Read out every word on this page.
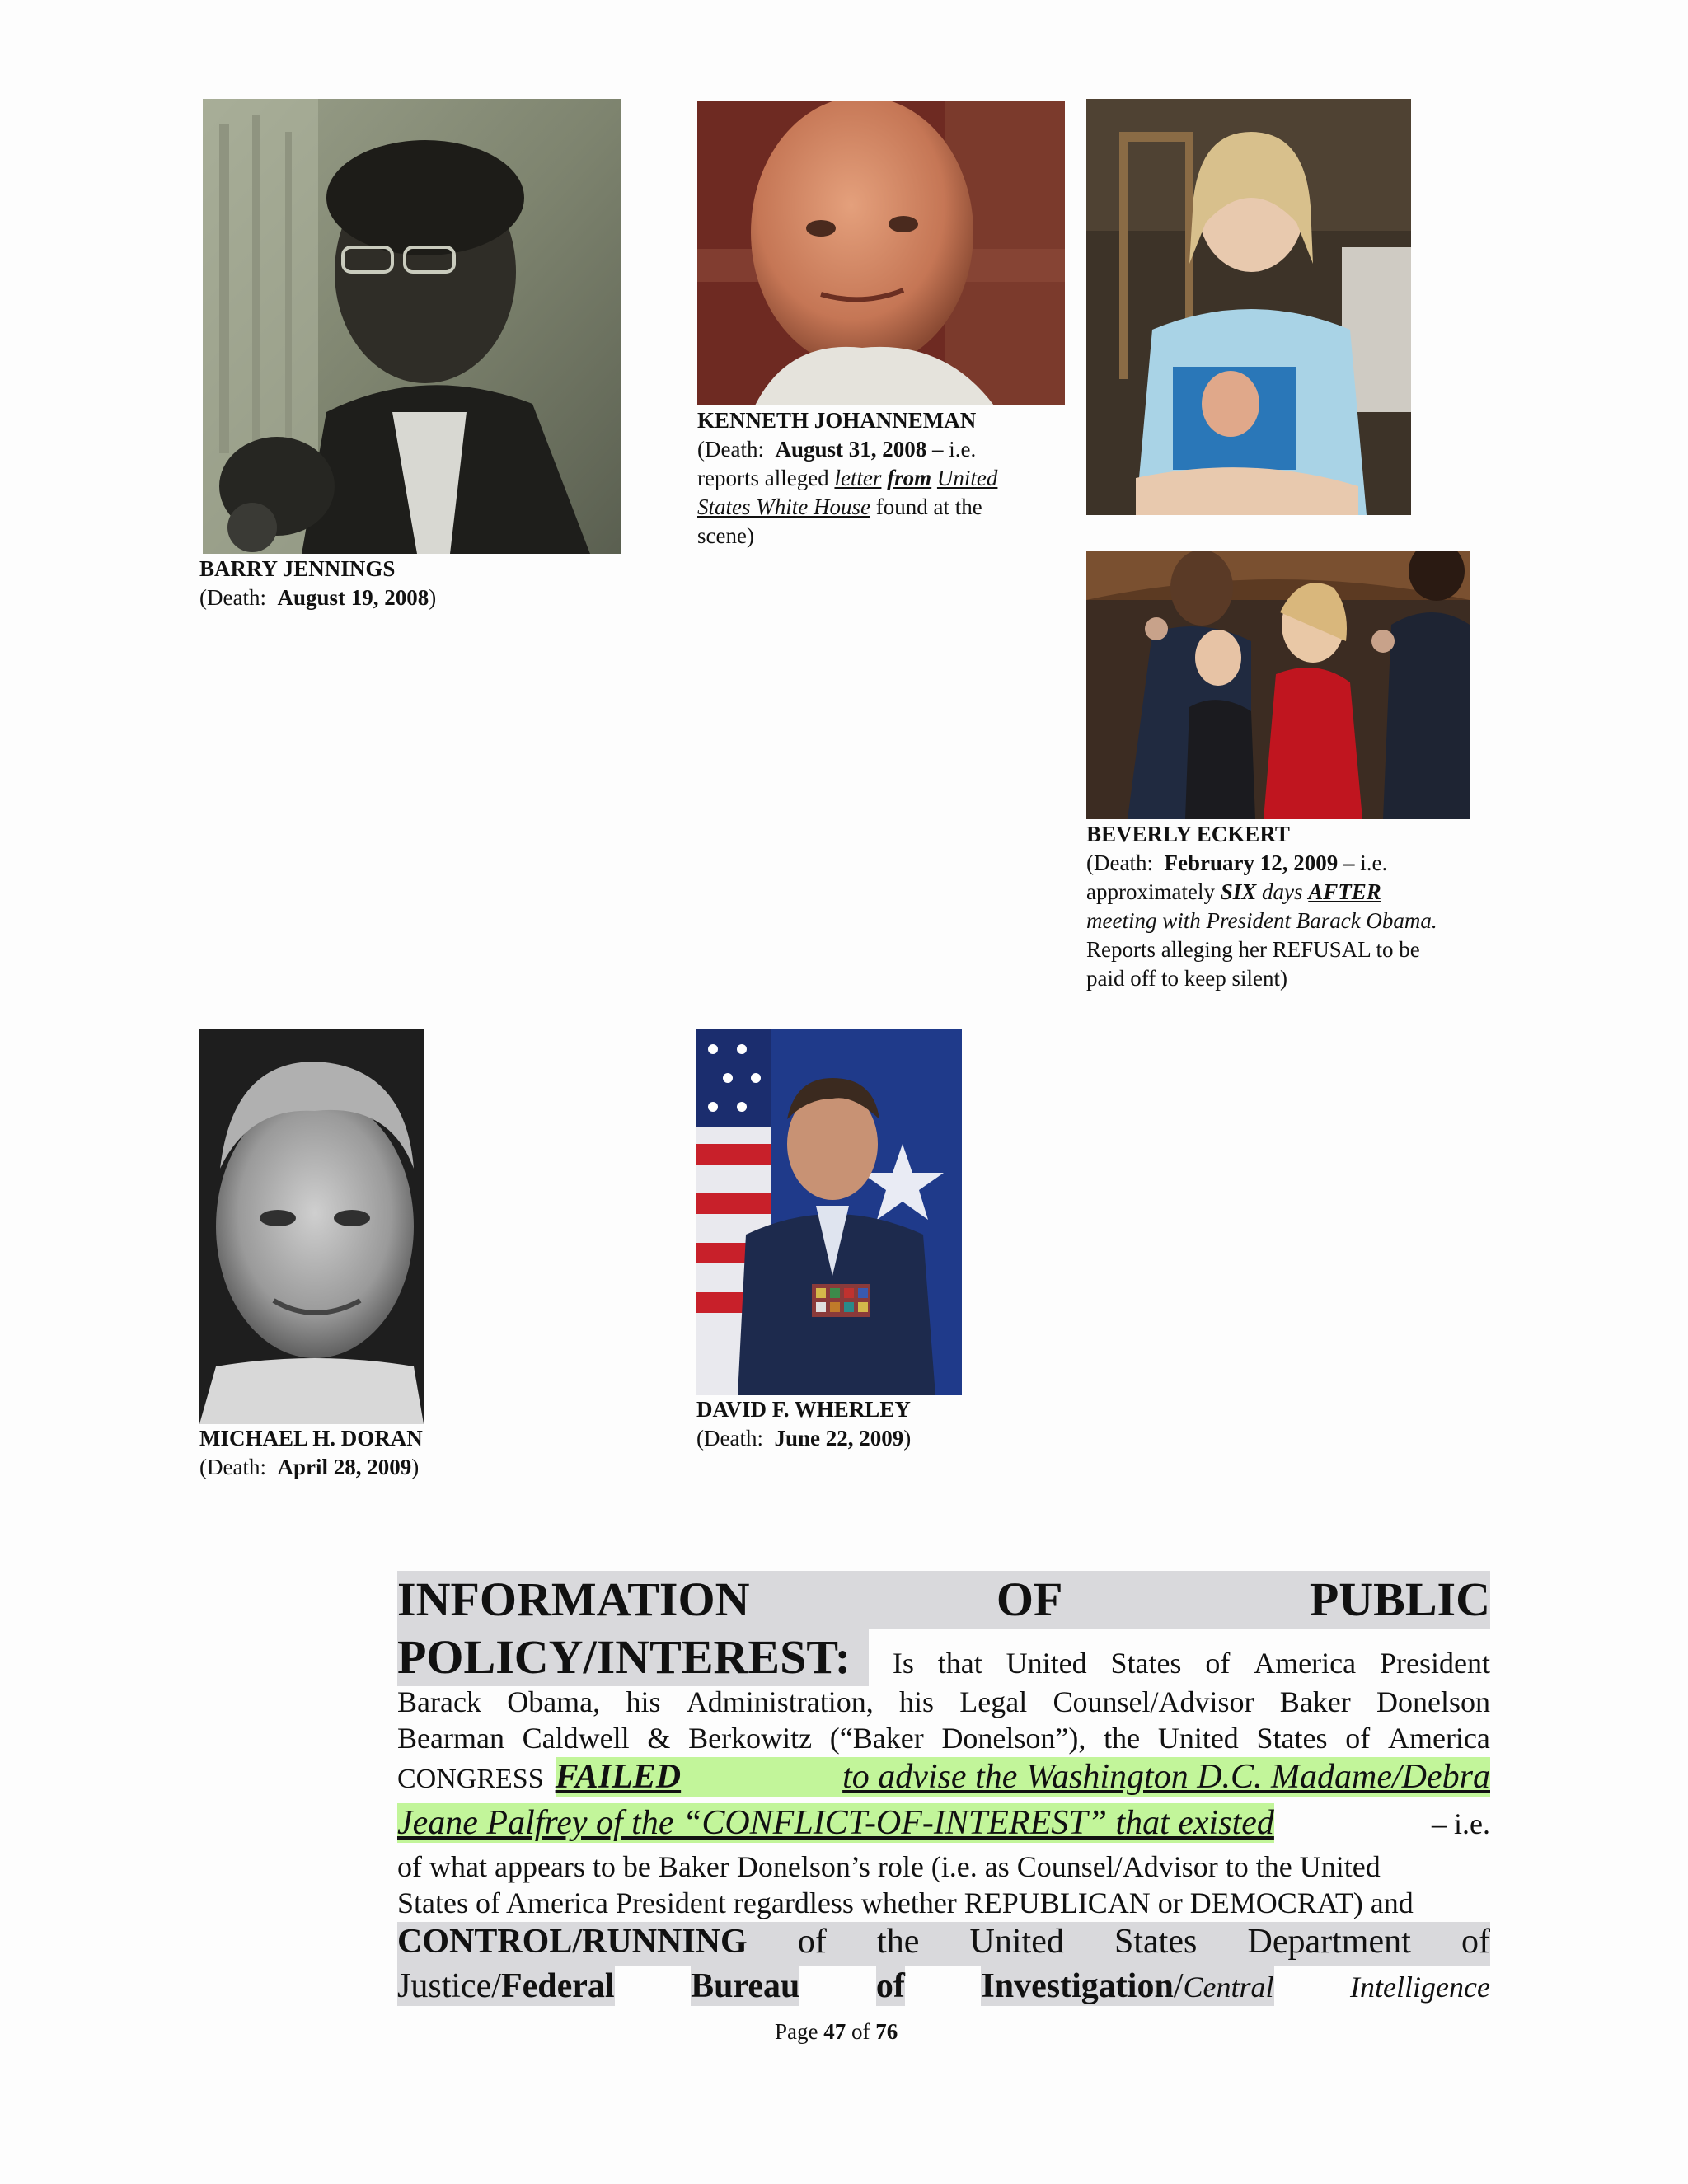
BARRY JENNINGS
(Death: August 19, 2008)
KENNETH JOHANNEMAN
(Death: August 31, 2008 – i.e.
reports alleged letter from United
States White House found at the
scene)
BEVERLY ECKERT
(Death: February 12, 2009 – i.e.
approximately SIX days AFTER
meeting with President Barack Obama.
Reports alleging her REFUSAL to be
paid off to keep silent)
MICHAEL H. DORAN
(Death: April 28, 2009)
DAVID F. WHERLEY
(Death: June 22, 2009)
INFORMATION	OF	PUBLIC
POLICY/INTEREST:	Is that United States of America President
Barack Obama, his Administration, his Legal Counsel/Advisor Baker Donelson
Bearman Caldwell & Berkowitz (“Baker Donelson”), the United States of America
CONGRESS FAILED	to advise the Washington D.C. Madame/Debra
Jeane Palfrey of the “CONFLICT-OF-INTEREST” that existed	– i.e.
of what appears to be Baker Donelson’s role (i.e. as Counsel/Advisor to the United
States of America President regardless whether REPUBLICAN or DEMOCRAT) and
CONTROL/RUNNING of the United States Department of
Justice/Federal Bureau of Investigation/Central	Intelligence
Page 47 of 76
